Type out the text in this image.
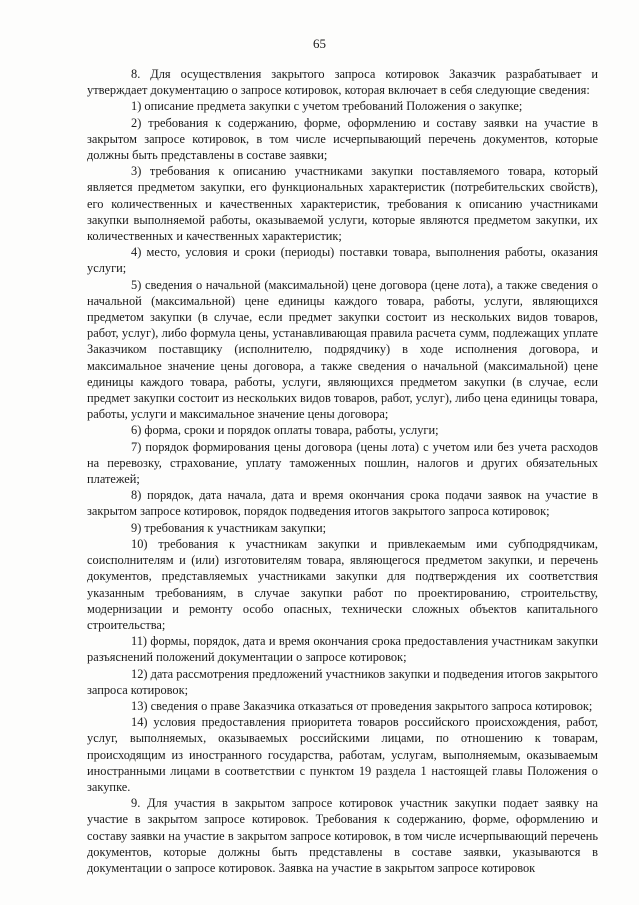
65

8. Для осуществления закрытого запроса котировок Заказчик разрабатывает и утверждает документацию о запросе котировок, которая включает в себя следующие сведения:

1) описание предмета закупки с учетом требований Положения о закупке;

2) требования к содержанию, форме, оформлению и составу заявки на участие в закрытом запросе котировок, в том числе исчерпывающий перечень документов, которые должны быть представлены в составе заявки;

3) требования к описанию участниками закупки поставляемого товара, который является предметом закупки, его функциональных характеристик (потребительских свойств), его количественных и качественных характеристик, требования к описанию участниками закупки выполняемой работы, оказываемой услуги, которые являются предметом закупки, их количественных и качественных характеристик;

4) место, условия и сроки (периоды) поставки товара, выполнения работы, оказания услуги;

5) сведения о начальной (максимальной) цене договора (цене лота), а также сведения о начальной (максимальной) цене единицы каждого товара, работы, услуги, являющихся предметом закупки (в случае, если предмет закупки состоит из нескольких видов товаров, работ, услуг), либо формула цены, устанавливающая правила расчета сумм, подлежащих уплате Заказчиком поставщику (исполнителю, подрядчику) в ходе исполнения договора, и максимальное значение цены договора, а также сведения о начальной (максимальной) цене единицы каждого товара, работы, услуги, являющихся предметом закупки (в случае, если предмет закупки состоит из нескольких видов товаров, работ, услуг), либо цена единицы товара, работы, услуги и максимальное значение цены договора;

6) форма, сроки и порядок оплаты товара, работы, услуги;

7) порядок формирования цены договора (цены лота) с учетом или без учета расходов на перевозку, страхование, уплату таможенных пошлин, налогов и других обязательных платежей;

8) порядок, дата начала, дата и время окончания срока подачи заявок на участие в закрытом запросе котировок, порядок подведения итогов закрытого запроса котировок;

9) требования к участникам закупки;

10) требования к участникам закупки и привлекаемым ими субподрядчикам, соисполнителям и (или) изготовителям товара, являющегося предметом закупки, и перечень документов, представляемых участниками закупки для подтверждения их соответствия указанным требованиям, в случае закупки работ по проектированию, строительству, модернизации и ремонту особо опасных, технически сложных объектов капитального строительства;

11) формы, порядок, дата и время окончания срока предоставления участникам закупки разъяснений положений документации о запросе котировок;

12) дата рассмотрения предложений участников закупки и подведения итогов закрытого запроса котировок;

13) сведения о праве Заказчика отказаться от проведения закрытого запроса котировок;

14) условия предоставления приоритета товаров российского происхождения, работ, услуг, выполняемых, оказываемых российскими лицами, по отношению к товарам, происходящим из иностранного государства, работам, услугам, выполняемым, оказываемым иностранными лицами в соответствии с пунктом 19 раздела 1 настоящей главы Положения о закупке.

9. Для участия в закрытом запросе котировок участник закупки подает заявку на участие в закрытом запросе котировок. Требования к содержанию, форме, оформлению и составу заявки на участие в закрытом запросе котировок, в том числе исчерпывающий перечень документов, которые должны быть представлены в составе заявки, указываются в документации о запросе котировок. Заявка на участие в закрытом запросе котировок
